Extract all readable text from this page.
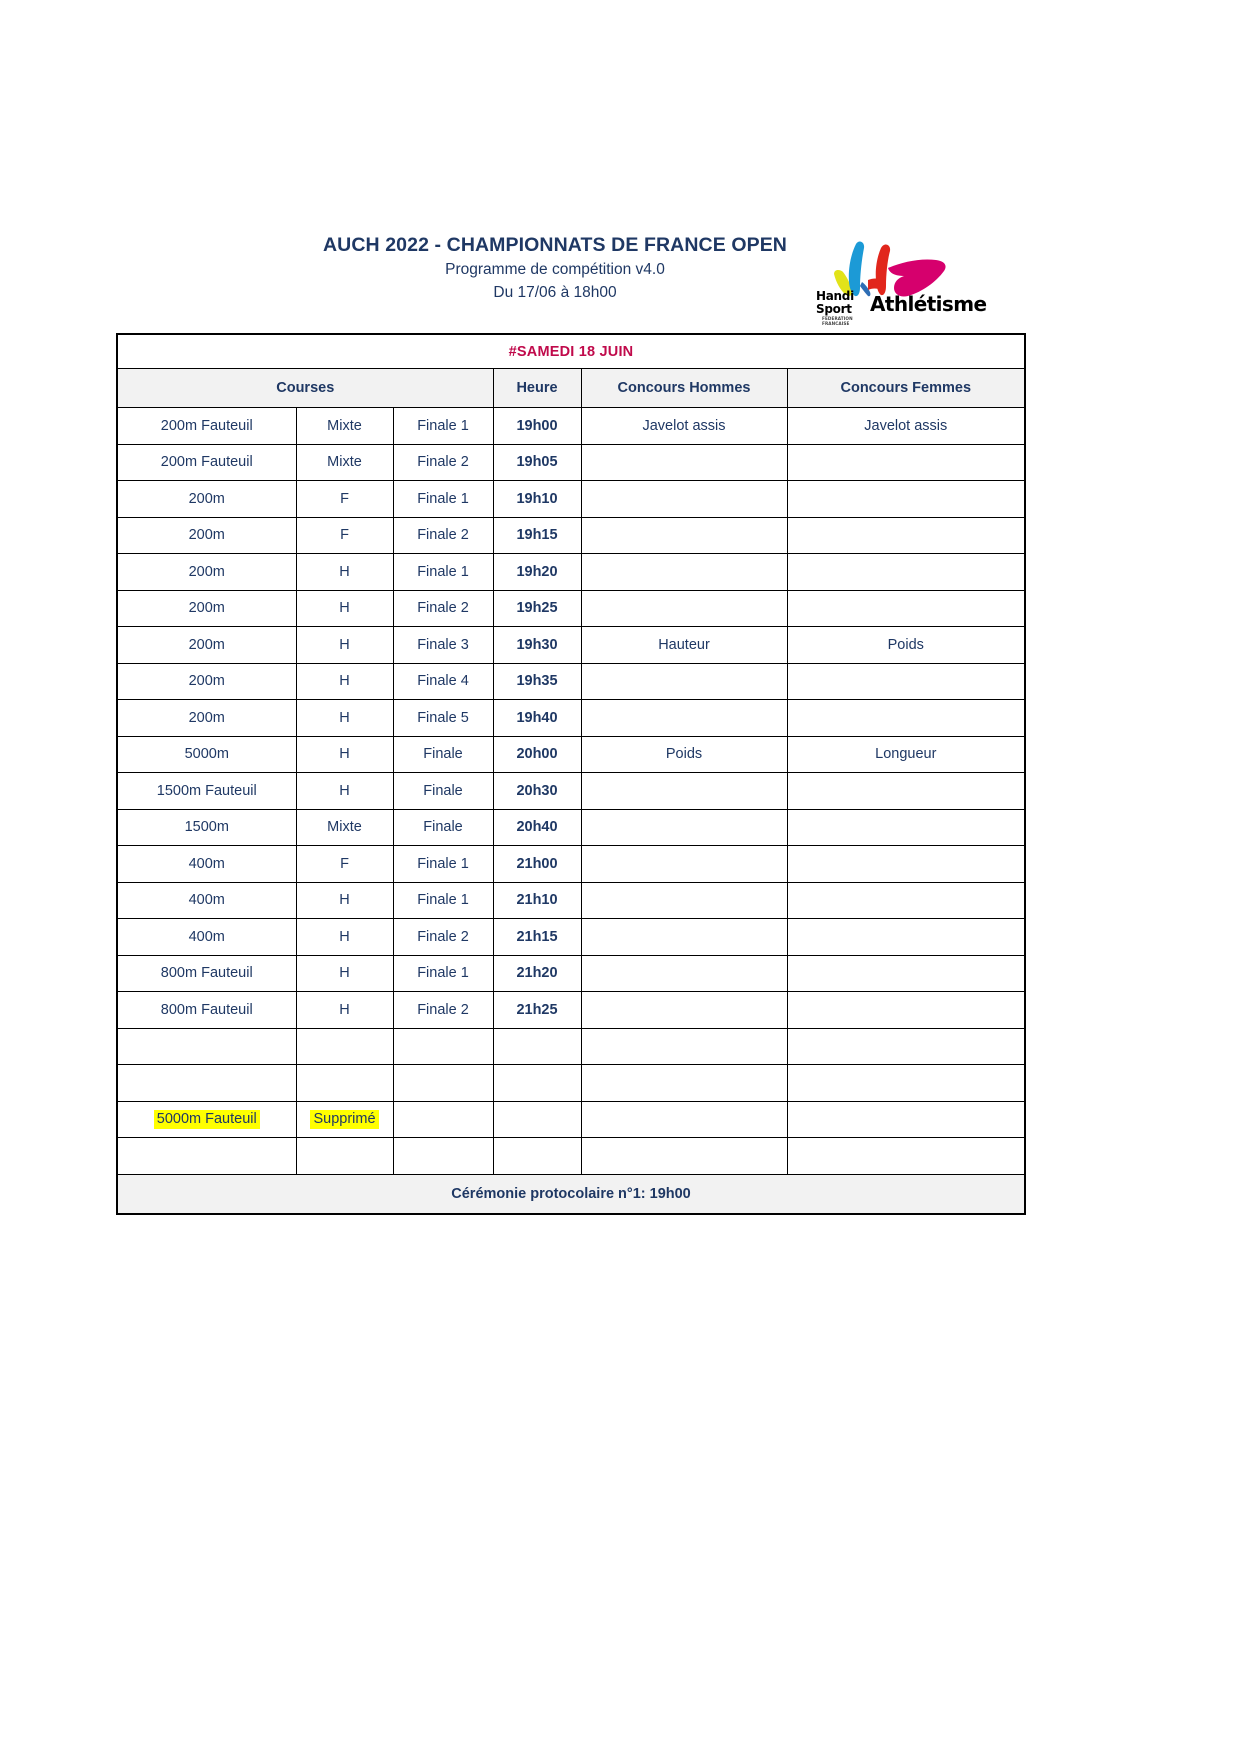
AUCH 2022 - CHAMPIONNATS DE FRANCE OPEN
Programme de compétition v4.0
Du 17/06 à 18h00	Handi
Sport Athlétisme
FEDERATION
FRANCAISE
#SAMEDI 18 JUIN					
Courses			Heure	Concours Hommes	Concours Femmes
200m Fauteuil	Mixte	Finale 1	19h00	Javelot assis	Javelot assis
200m Fauteuil	Mixte	Finale 2	19h05		
200m	F	Finale 1	19h10		
200m	F	Finale 2	19h15		
200m	H	Finale 1	19h20		
200m	H	Finale 2	19h25		
200m	H	Finale 3	19h30	Hauteur	Poids
200m	H	Finale 4	19h35		
200m	H	Finale 5	19h40		
5000m	H	Finale	20h00	Poids	Longueur
1500m Fauteuil	H	Finale	20h30		
1500m	Mixte	Finale	20h40		
400m	F	Finale 1	21h00		
400m	H	Finale 1	21h10		
400m	H	Finale 2	21h15		
800m Fauteuil	H	Finale 1	21h20		
800m Fauteuil	H	Finale 2	21h25		

5000m Fauteuil	Supprimé				

Cérémonie protocolaire n°1: 19h00					
